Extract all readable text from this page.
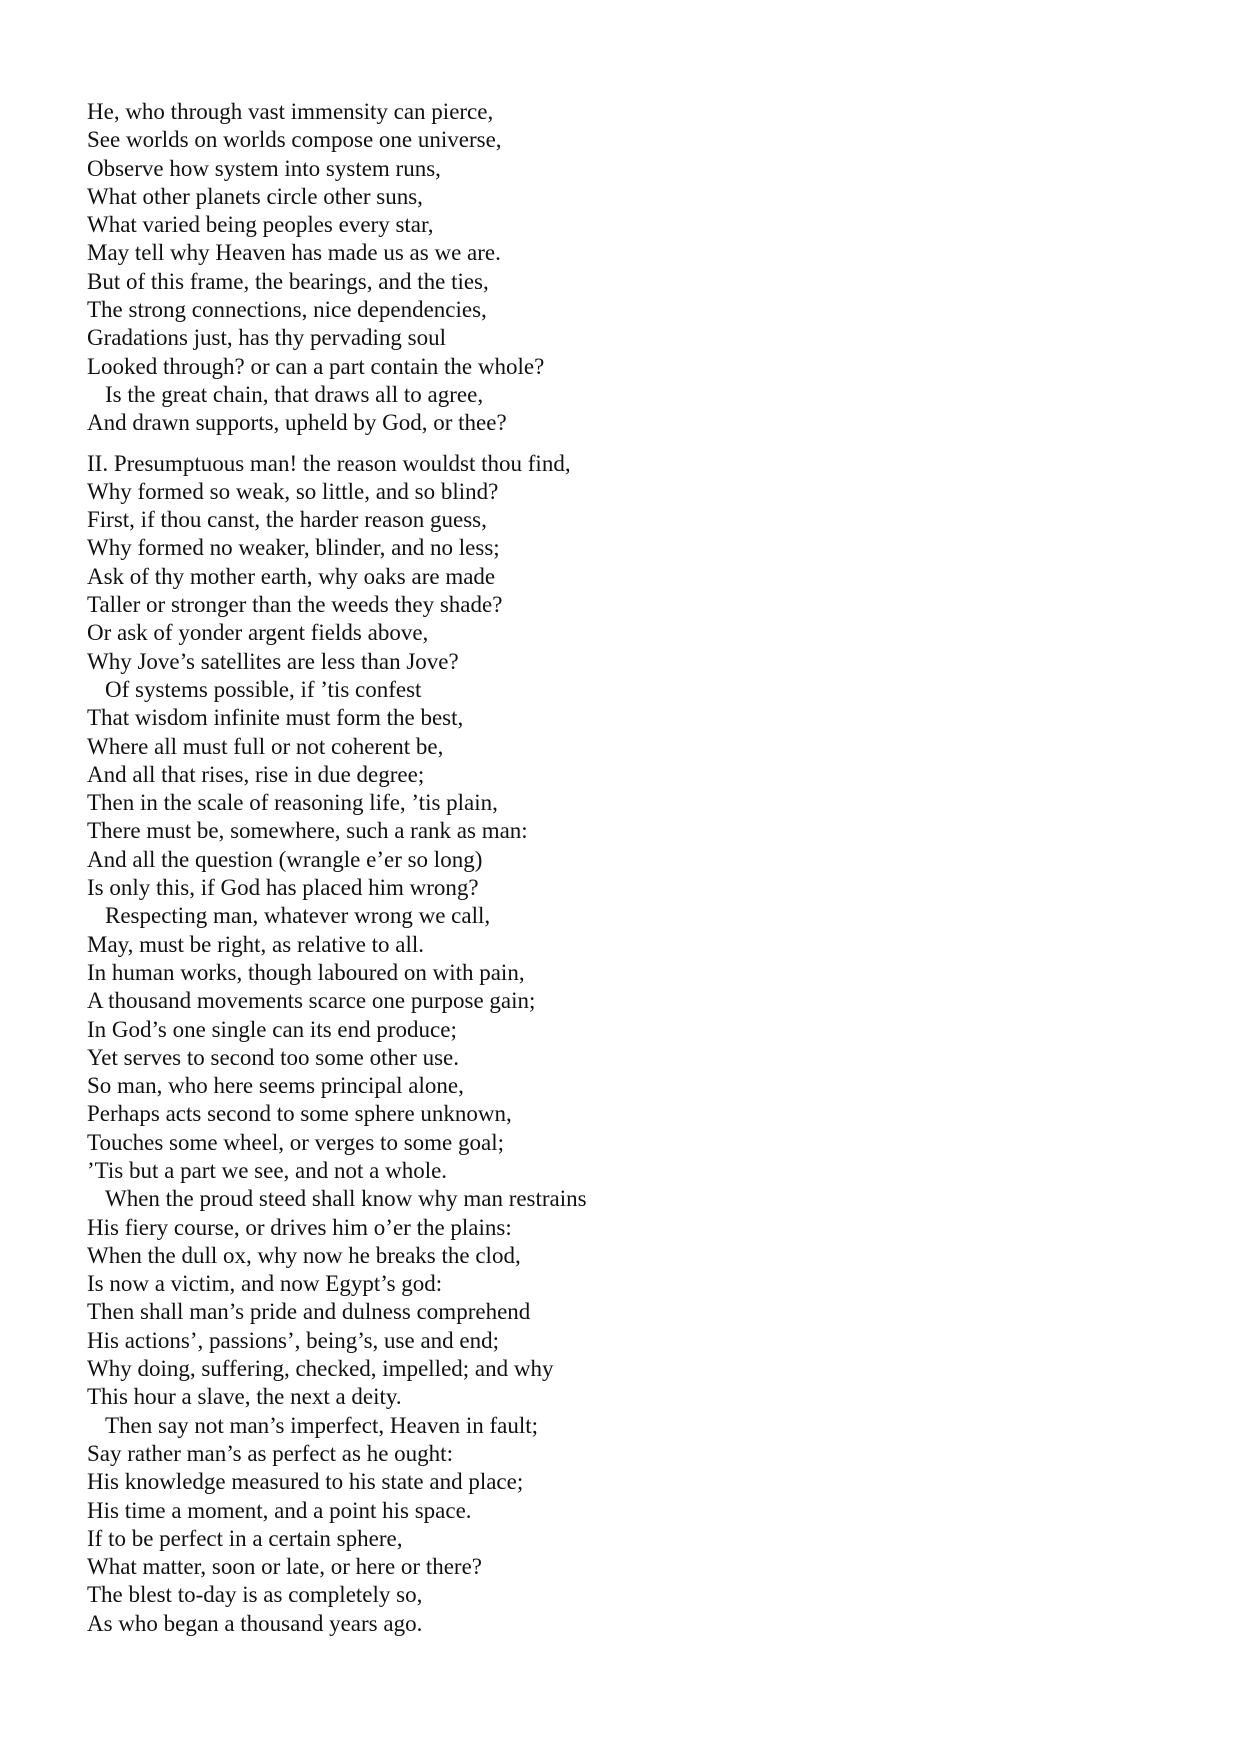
He, who through vast immensity can pierce,
See worlds on worlds compose one universe,
Observe how system into system runs,
What other planets circle other suns,
What varied being peoples every star,
May tell why Heaven has made us as we are.
But of this frame, the bearings, and the ties,
The strong connections, nice dependencies,
Gradations just, has thy pervading soul
Looked through? or can a part contain the whole?
Is the great chain, that draws all to agree,
And drawn supports, upheld by God, or thee?
II. Presumptuous man! the reason wouldst thou find,
Why formed so weak, so little, and so blind?
First, if thou canst, the harder reason guess,
Why formed no weaker, blinder, and no less;
Ask of thy mother earth, why oaks are made
Taller or stronger than the weeds they shade?
Or ask of yonder argent fields above,
Why Jove’s satellites are less than Jove?
Of systems possible, if ’tis confest
That wisdom infinite must form the best,
Where all must full or not coherent be,
And all that rises, rise in due degree;
Then in the scale of reasoning life, ’tis plain,
There must be, somewhere, such a rank as man:
And all the question (wrangle e’er so long)
Is only this, if God has placed him wrong?
Respecting man, whatever wrong we call,
May, must be right, as relative to all.
In human works, though laboured on with pain,
A thousand movements scarce one purpose gain;
In God’s one single can its end produce;
Yet serves to second too some other use.
So man, who here seems principal alone,
Perhaps acts second to some sphere unknown,
Touches some wheel, or verges to some goal;
’Tis but a part we see, and not a whole.
When the proud steed shall know why man restrains
His fiery course, or drives him o’er the plains:
When the dull ox, why now he breaks the clod,
Is now a victim, and now Egypt’s god:
Then shall man’s pride and dulness comprehend
His actions’, passions’, being’s, use and end;
Why doing, suffering, checked, impelled; and why
This hour a slave, the next a deity.
Then say not man’s imperfect, Heaven in fault;
Say rather man’s as perfect as he ought:
His knowledge measured to his state and place;
His time a moment, and a point his space.
If to be perfect in a certain sphere,
What matter, soon or late, or here or there?
The blest to-day is as completely so,
As who began a thousand years ago.
